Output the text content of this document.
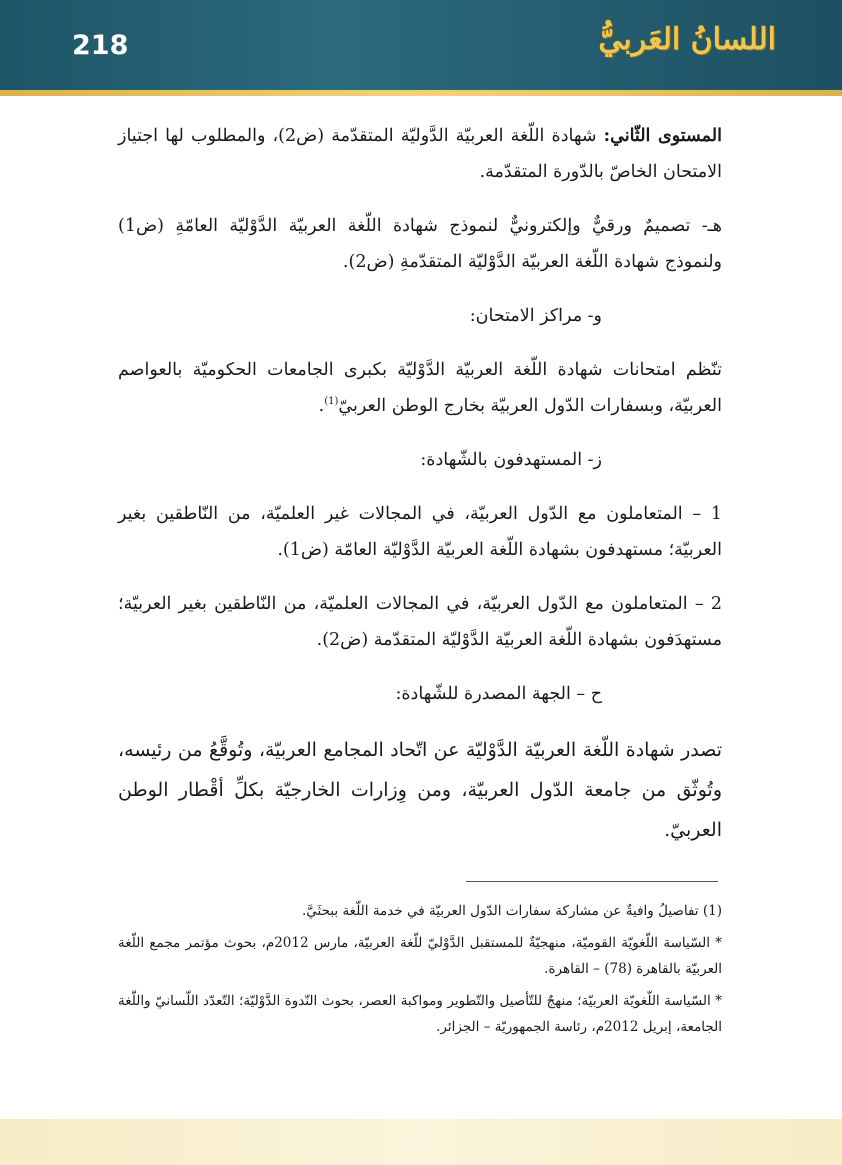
218	اللسانُ العَربيُّ

المستوى الثّاني: شهادة اللّغة العربيّة الدَّوليّة المتقدّمة (ض2)، والمطلوب لها اجتياز الامتحان الخاصّ بالدّورة المتقدّمة.

هـ- تصميمٌ ورقيٌّ وإلكترونيٌّ لنموذج شهادة اللّغة العربيّة الدَّوْليّة العامّةِ (ض1) ولنموذج شهادة اللّغة العربيّة الدَّوْليّة المتقدّمةِ (ض2).

و- مراكز الامتحان:

تنّظم امتحانات شهادة اللّغة العربيّة الدَّوْليّة بكبرى الجامعات الحكوميّة بالعواصم العربيّة، وبسفارات الدّول العربيّة بخارج الوطن العربيّ$^{(1)}$.

ز- المستهدفون بالشّهادة:

1 – المتعاملون مع الدّول العربيّة، في المجالات غير العلميّة، من النّاطقين بغير العربيّة؛ مستهدفون بشهادة اللّغة العربيّة الدَّوْليّة العامّة (ض1).

2 – المتعاملون مع الدّول العربيّة، في المجالات العلميّة، من النّاطقين بغير العربيّة؛ مستهدَفون بشهادة اللّغة العربيّة الدَّوْليّة المتقدّمة (ض2).

ح – الجهة المصدرة للشّهادة:

تصدر شهادة اللّغة العربيّة الدَّوْليّة عن اتّحاد المجامع العربيّة، وتُوقَّعُ من رئيسه، وتُوثّق من جامعة الدّول العربيّة، ومن وِزارات الخارجيّة بكلِّ أقْطار الوطن العربيّ.

(1) تفاصيلُ وافيةٌ عن مشاركة سفارات الدّول العربيّة في خدمة اللّغة ببحثَيَّ.

* السّياسة اللّغويّة القوميّة، منهجيّةٌ للمستقبل الدَّوْليّ للّغة العربيّة، مارس 2012م، بحوث مؤتمر مجمع اللّغة العربيّة بالقاهرة (78) – القاهرة.

* السّياسة اللّغويّة العربيّة؛ منهجٌ للتّأصيل والتّطوير ومواكبة العصر، بحوث النّدوة الدَّوْليّة؛ التّعدّد اللّسانيّ واللّغة الجامعة، إبريل 2012م، رئاسة الجمهوريّة – الجزائر.
